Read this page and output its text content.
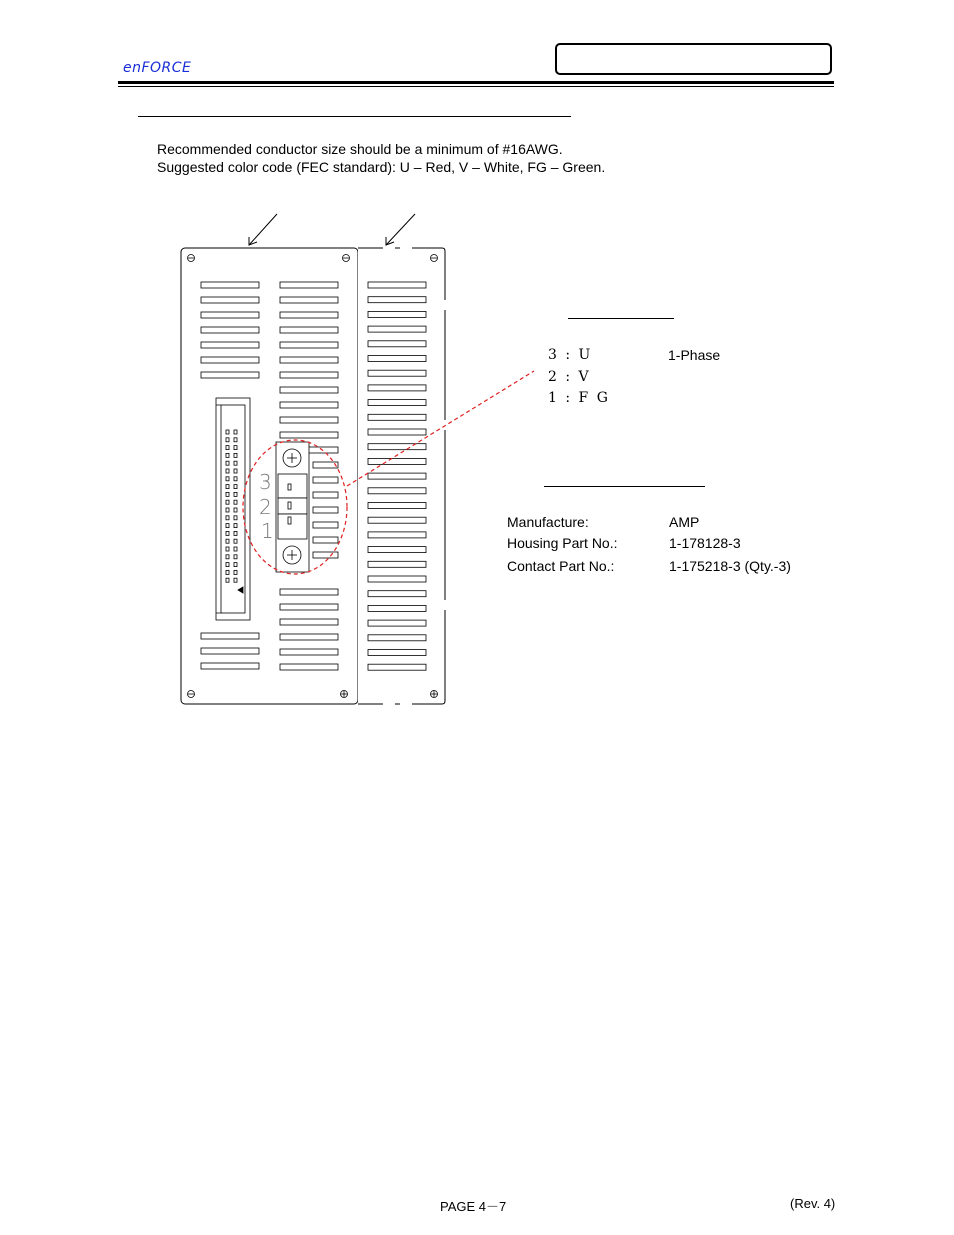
enFORCE
Recommended conductor size should be a minimum of #16AWG.
Suggested color code (FEC standard): U – Red, V – White, FG – Green.
3
2
1
3 : U
2 : V
1 : F G
1-Phase
Manufacture:	AMP
Housing Part No.:	1-178128-3
Contact Part No.:	1-175218-3 (Qty.-3)
PAGE 4－7	(Rev. 4)
